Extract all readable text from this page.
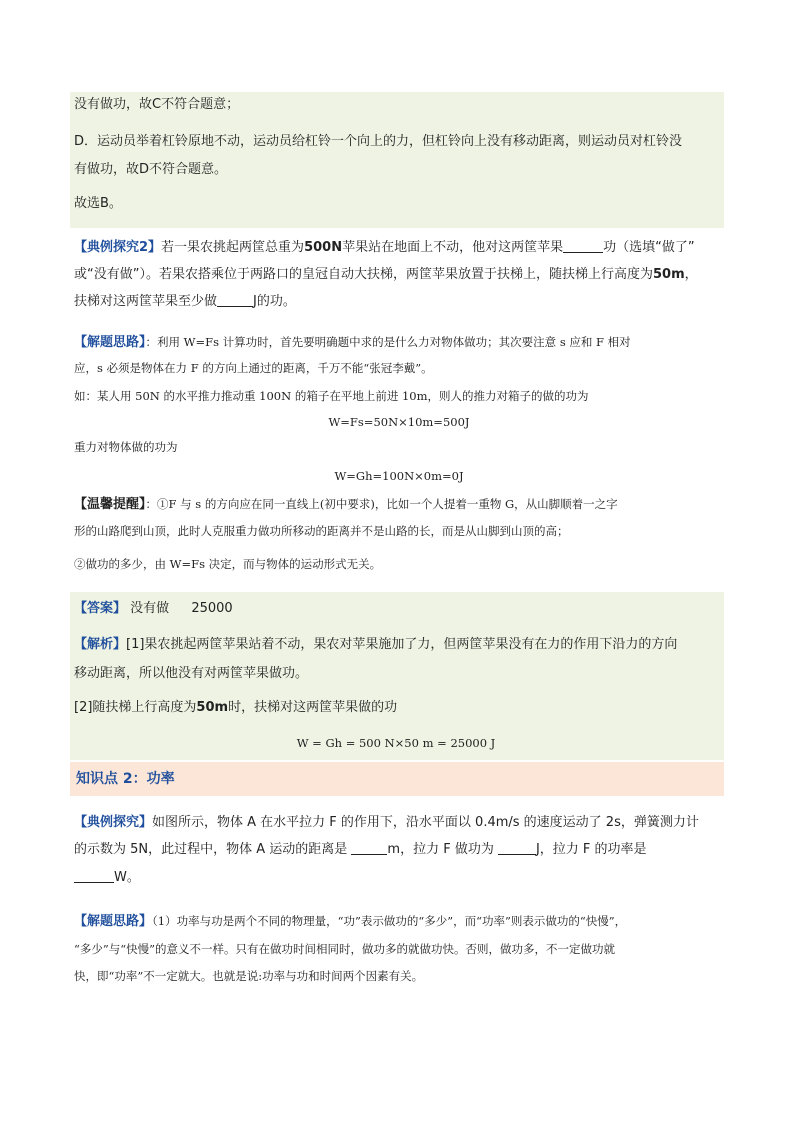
没有做功，故C不符合题意；
D．运动员举着杠铃原地不动，运动员给杠铃一个向上的力，但杠铃向上没有移动距离，则运动员对杠铃没
有做功，故D不符合题意。
故选B。
【典例探究2】若一果农挑起两筐总重为500N苹果站在地面上不动，他对这两筐苹果	功（选填“做了”
或“没有做”）。若果农搭乘位于两路口的皇冠自动大扶梯，两筐苹果放置于扶梯上，随扶梯上行高度为50m，
扶梯对这两筐苹果至少做	J的功。
【解题思路】：利用 W=Fs 计算功时，首先要明确题中求的是什么力对物体做功；其次要注意 s 应和 F 相对
应，s 必须是物体在力 F 的方向上通过的距离，千万不能“张冠李戴”。
如：某人用 50N 的水平推力推动重 100N 的箱子在平地上前进 10m，则人的推力对箱子的做的功为
W=Fs=50N×10m=500J
重力对物体做的功为
W=Gh=100N×0m=0J
【温馨提醒】：①F 与 s 的方向应在同一直线上(初中要求)，比如一个人提着一重物 G，从山脚顺着一之字
形的山路爬到山顶，此时人克服重力做功所移动的距离并不是山路的长，而是从山脚到山顶的高；
②做功的多少，由 W=Fs 决定，而与物体的运动形式无关。
【答案】 没有做 25000
【解析】[1]果农挑起两筐苹果站着不动，果农对苹果施加了力，但两筐苹果没有在力的作用下沿力的方向
移动距离，所以他没有对两筐苹果做功。
[2]随扶梯上行高度为50m时，扶梯对这两筐苹果做的功
W = Gh = 500 N×50 m = 25000 J
知识点 2：功率
【典例探究】如图所示，物体 A 在水平拉力 F 的作用下，沿水平面以 0.4m/s 的速度运动了 2s，弹簧测力计
的示数为 5N，此过程中，物体 A 运动的距离是	m，拉力 F 做功为	J，拉力 F 的功率是
W。
【解题思路】（1）功率与功是两个不同的物理量，“功”表示做功的“多少”，而“功率”则表示做功的“快慢”，
“多少”与“快慢”的意义不一样。只有在做功时间相同时，做功多的就做功快。否则，做功多，不一定做功就
快，即“功率”不一定就大。也就是说:功率与功和时间两个因素有关。
